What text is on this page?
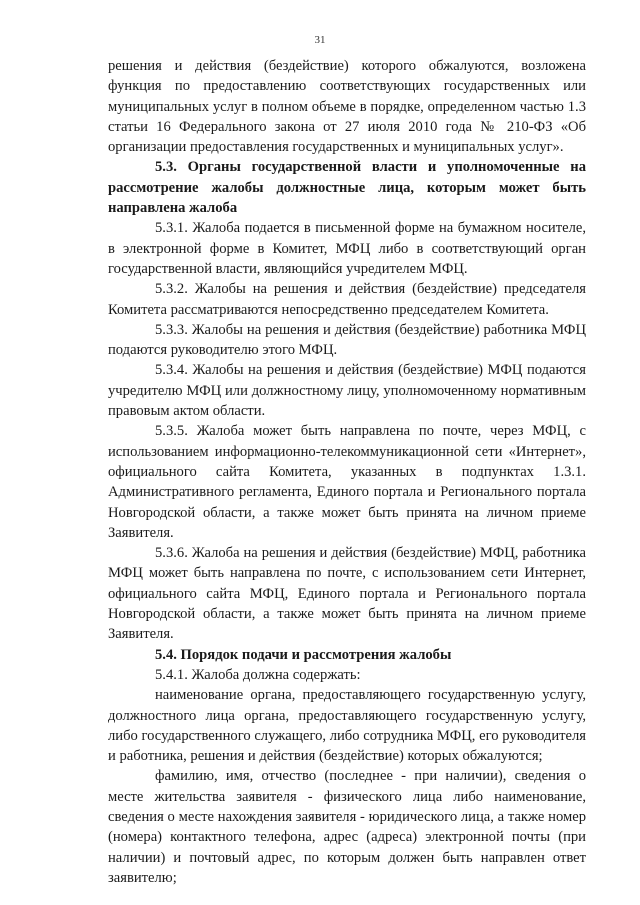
31

решения и действия (бездействие) которого обжалуются, возложена функция по предоставлению соответствующих государственных или муниципальных услуг в полном объеме в порядке, определенном частью 1.3 статьи 16 Федерального закона от 27 июля 2010 года № 210-ФЗ «Об организации предоставления государственных и муниципальных услуг».

5.3. Органы государственной власти и уполномоченные на рассмотрение жалобы должностные лица, которым может быть направлена жалоба

5.3.1. Жалоба подается в письменной форме на бумажном носителе, в электронной форме в Комитет, МФЦ либо в соответствующий орган государственной власти, являющийся учредителем МФЦ.

5.3.2. Жалобы на решения и действия (бездействие) председателя Комитета рассматриваются непосредственно председателем Комитета.

5.3.3. Жалобы на решения и действия (бездействие) работника МФЦ подаются руководителю этого МФЦ.

5.3.4. Жалобы на решения и действия (бездействие) МФЦ подаются учредителю МФЦ или должностному лицу, уполномоченному нормативным правовым актом области.

5.3.5. Жалоба может быть направлена по почте, через МФЦ, с использованием информационно-телекоммуникационной сети «Интернет», официального сайта Комитета, указанных в подпунктах 1.3.1. Административного регламента, Единого портала и Регионального портала Новгородской области, а также может быть принята на личном приеме Заявителя.

5.3.6. Жалоба на решения и действия (бездействие) МФЦ, работника МФЦ может быть направлена по почте, с использованием сети Интернет, официального сайта МФЦ, Единого портала и Регионального портала Новгородской области, а также может быть принята на личном приеме Заявителя.

5.4. Порядок подачи и рассмотрения жалобы

5.4.1. Жалоба должна содержать:

наименование органа, предоставляющего государственную услугу, должностного лица органа, предоставляющего государственную услугу, либо государственного служащего, либо сотрудника МФЦ, его руководителя и работника, решения и действия (бездействие) которых обжалуются;

фамилию, имя, отчество (последнее - при наличии), сведения о месте жительства заявителя - физического лица либо наименование, сведения о месте нахождения заявителя - юридического лица, а также номер (номера) контактного телефона, адрес (адреса) электронной почты (при наличии) и почтовый адрес, по которым должен быть направлен ответ заявителю;
